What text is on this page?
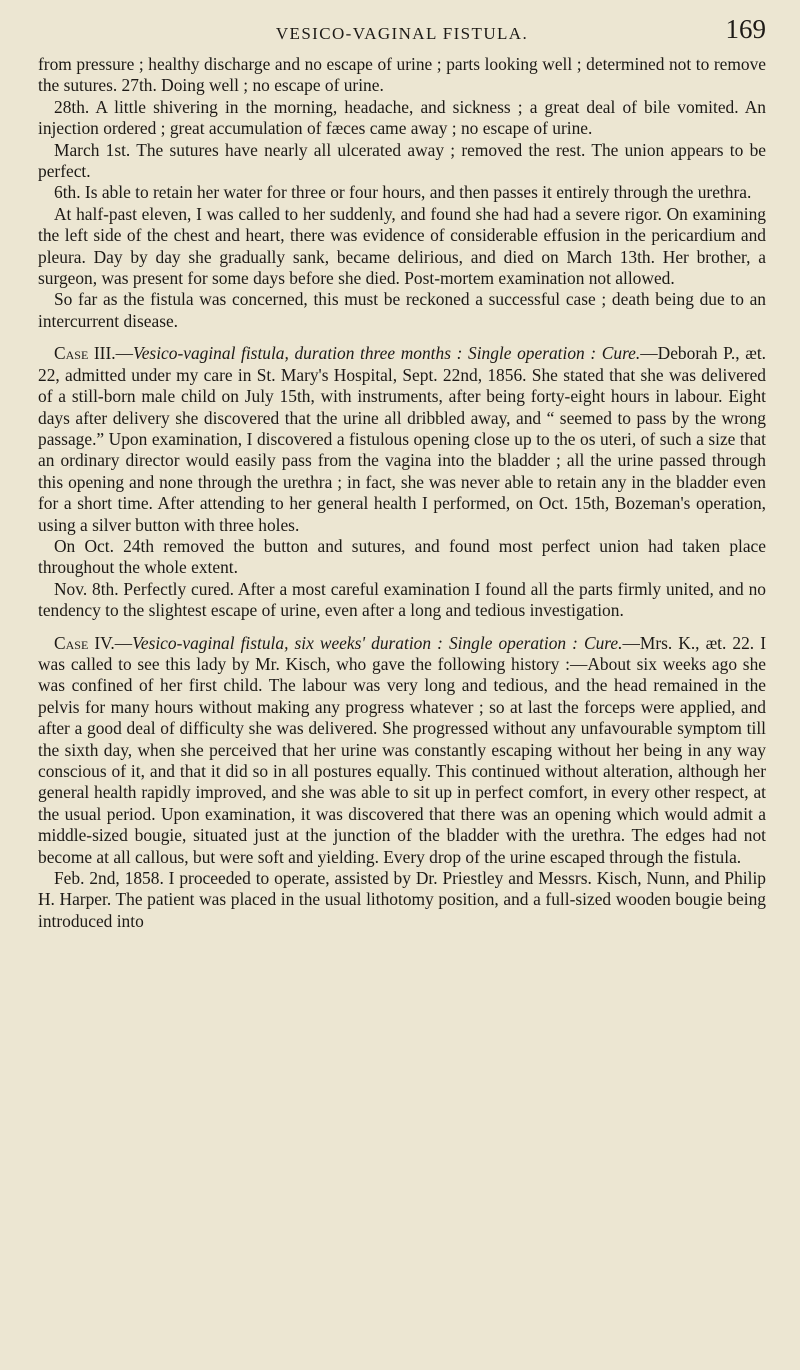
VESICO-VAGINAL FISTULA.	169

from pressure ; healthy discharge and no escape of urine ; parts looking well ; determined not to remove the sutures. 27th. Doing well ; no escape of urine.

28th. A little shivering in the morning, headache, and sickness ; a great deal of bile vomited. An injection ordered ; great accumulation of fæces came away ; no escape of urine.

March 1st. The sutures have nearly all ulcerated away ; removed the rest. The union appears to be perfect.

6th. Is able to retain her water for three or four hours, and then passes it entirely through the urethra.

At half-past eleven, I was called to her suddenly, and found she had had a severe rigor. On examining the left side of the chest and heart, there was evidence of considerable effusion in the pericardium and pleura. Day by day she gradually sank, became delirious, and died on March 13th. Her brother, a surgeon, was present for some days before she died. Post-mortem examination not allowed.

So far as the fistula was concerned, this must be reckoned a successful case ; death being due to an intercurrent disease.

Case III.—Vesico-vaginal fistula, duration three months : Single operation : Cure.—Deborah P., æt. 22, admitted under my care in St. Mary's Hospital, Sept. 22nd, 1856. She stated that she was delivered of a still-born male child on July 15th, with instruments, after being forty-eight hours in labour. Eight days after delivery she discovered that the urine all dribbled away, and “ seemed to pass by the wrong passage.” Upon examination, I discovered a fistulous opening close up to the os uteri, of such a size that an ordinary director would easily pass from the vagina into the bladder ; all the urine passed through this opening and none through the urethra ; in fact, she was never able to retain any in the bladder even for a short time. After attending to her general health I performed, on Oct. 15th, Bozeman's operation, using a silver button with three holes.

On Oct. 24th removed the button and sutures, and found most perfect union had taken place throughout the whole extent.

Nov. 8th. Perfectly cured. After a most careful examination I found all the parts firmly united, and no tendency to the slightest escape of urine, even after a long and tedious investigation.

Case IV.—Vesico-vaginal fistula, six weeks' duration : Single operation : Cure.—Mrs. K., æt. 22. I was called to see this lady by Mr. Kisch, who gave the following history :—About six weeks ago she was confined of her first child. The labour was very long and tedious, and the head remained in the pelvis for many hours without making any progress whatever ; so at last the forceps were applied, and after a good deal of difficulty she was delivered. She progressed without any unfavourable symptom till the sixth day, when she perceived that her urine was constantly escaping without her being in any way conscious of it, and that it did so in all postures equally. This continued without alteration, although her general health rapidly improved, and she was able to sit up in perfect comfort, in every other respect, at the usual period. Upon examination, it was discovered that there was an opening which would admit a middle-sized bougie, situated just at the junction of the bladder with the urethra. The edges had not become at all callous, but were soft and yielding. Every drop of the urine escaped through the fistula.

Feb. 2nd, 1858. I proceeded to operate, assisted by Dr. Priestley and Messrs. Kisch, Nunn, and Philip H. Harper. The patient was placed in the usual lithotomy position, and a full-sized wooden bougie being introduced into
